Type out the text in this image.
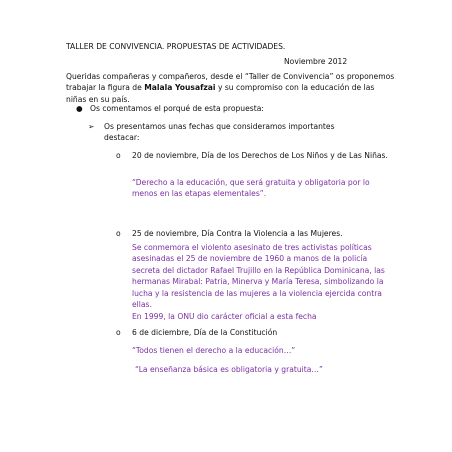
TALLER DE CONVIVENCIA. PROPUESTAS DE ACTIVIDADES.

Noviembre 2012

Queridas compañeras y compañeros, desde el “Taller de Convivencia” os proponemos trabajar la figura de Malala Yousafzai y su compromiso con la educación de las niñas en su país.

● Os comentamos el porqué de esta propuesta:
➢ Os presentamos unas fechas que consideramos importantes destacar:
o 20 de noviembre, Día de los Derechos de Los Niños y de Las Niñas.

“Derecho a la educación, que será gratuita y obligatoria por lo menos en las etapas elementales”.

o 25 de noviembre, Día Contra la Violencia a las Mujeres.

Se conmemora el violento asesinato de tres activistas políticas asesinadas el 25 de noviembre de 1960 a manos de la policía secreta del dictador Rafael Trujillo en la República Dominicana, las hermanas Mirabal: Patria, Minerva y María Teresa, simbolizando la lucha y la resistencia de las mujeres a la violencia ejercida contra ellas.

En 1999, la ONU dio carácter oficial a esta fecha

o 6 de diciembre, Día de la Constitución

“Todos tienen el derecho a la educación…”

“La enseñanza básica es obligatoria y gratuita…”
